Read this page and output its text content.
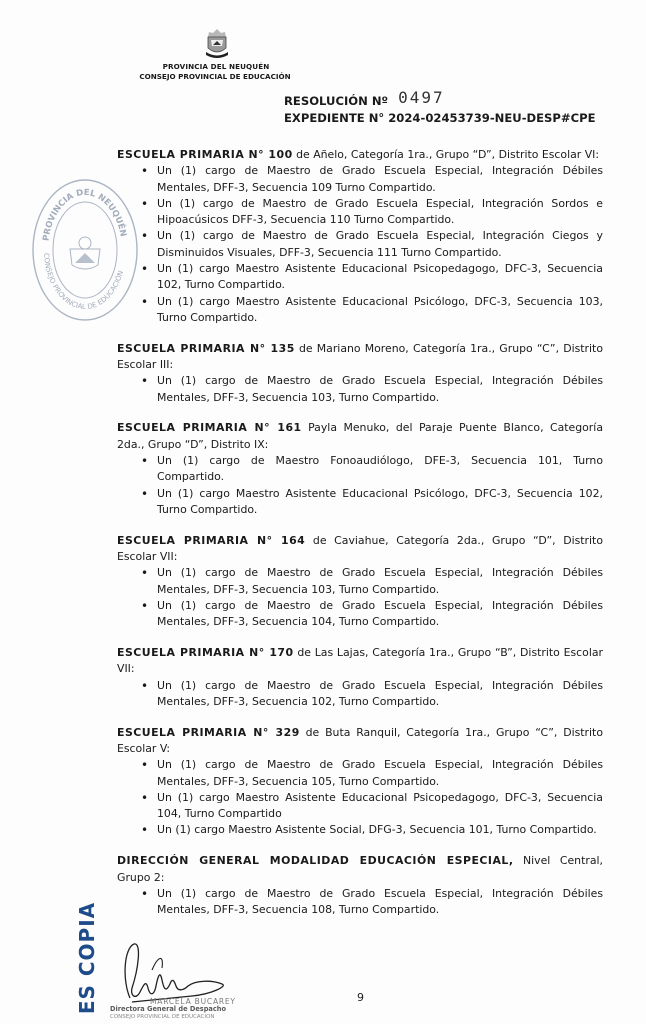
PROVINCIA DEL NEUQUÉN
CONSEJO PROVINCIAL DE EDUCACIÓN
RESOLUCIÓN Nº 0497
EXPEDIENTE N° 2024-02453739-NEU-DESP#CPE
PROVINCIA DEL NEUQUÉN
CONSEJO PROVINCIAL DE EDUCACIÓN
ESCUELA PRIMARIA N° 100 de Añelo, Categoría 1ra., Grupo “D”, Distrito Escolar VI:
• Un (1) cargo de Maestro de Grado Escuela Especial, Integración Débiles Mentales, DFF-3, Secuencia 109 Turno Compartido.
• Un (1) cargo de Maestro de Grado Escuela Especial, Integración Sordos e Hipoacúsicos DFF-3, Secuencia 110 Turno Compartido.
• Un (1) cargo de Maestro de Grado Escuela Especial, Integración Ciegos y Disminuidos Visuales, DFF-3, Secuencia 111 Turno Compartido.
• Un (1) cargo Maestro Asistente Educacional Psicopedagogo, DFC-3, Secuencia 102, Turno Compartido.
• Un (1) cargo Maestro Asistente Educacional Psicólogo, DFC-3, Secuencia 103, Turno Compartido.
ESCUELA PRIMARIA N° 135 de Mariano Moreno, Categoría 1ra., Grupo “C”, Distrito Escolar III:
• Un (1) cargo de Maestro de Grado Escuela Especial, Integración Débiles Mentales, DFF-3, Secuencia 103, Turno Compartido.
ESCUELA PRIMARIA N° 161 Payla Menuko, del Paraje Puente Blanco, Categoría 2da., Grupo “D”, Distrito IX:
• Un (1) cargo de Maestro Fonoaudiólogo, DFE-3, Secuencia 101, Turno Compartido.
• Un (1) cargo Maestro Asistente Educacional Psicólogo, DFC-3, Secuencia 102, Turno Compartido.
ESCUELA PRIMARIA N° 164 de Caviahue, Categoría 2da., Grupo “D”, Distrito Escolar VII:
• Un (1) cargo de Maestro de Grado Escuela Especial, Integración Débiles Mentales, DFF-3, Secuencia 103, Turno Compartido.
• Un (1) cargo de Maestro de Grado Escuela Especial, Integración Débiles Mentales, DFF-3, Secuencia 104, Turno Compartido.
ESCUELA PRIMARIA N° 170 de Las Lajas, Categoría 1ra., Grupo “B”, Distrito Escolar VII:
• Un (1) cargo de Maestro de Grado Escuela Especial, Integración Débiles Mentales, DFF-3, Secuencia 102, Turno Compartido.
ESCUELA PRIMARIA N° 329 de Buta Ranquil, Categoría 1ra., Grupo “C”, Distrito Escolar V:
• Un (1) cargo de Maestro de Grado Escuela Especial, Integración Débiles Mentales, DFF-3, Secuencia 105, Turno Compartido.
• Un (1) cargo Maestro Asistente Educacional Psicopedagogo, DFC-3, Secuencia 104, Turno Compartido
• Un (1) cargo Maestro Asistente Social, DFG-3, Secuencia 101, Turno Compartido.
DIRECCIÓN GENERAL MODALIDAD EDUCACIÓN ESPECIAL, Nivel Central, Grupo 2:
• Un (1) cargo de Maestro de Grado Escuela Especial, Integración Débiles Mentales, DFF-3, Secuencia 108, Turno Compartido.
ES COPIA	MARCELA BUCAREY
Directora General de Despacho
CONSEJO PROVINCIAL DE EDUCACION
9
